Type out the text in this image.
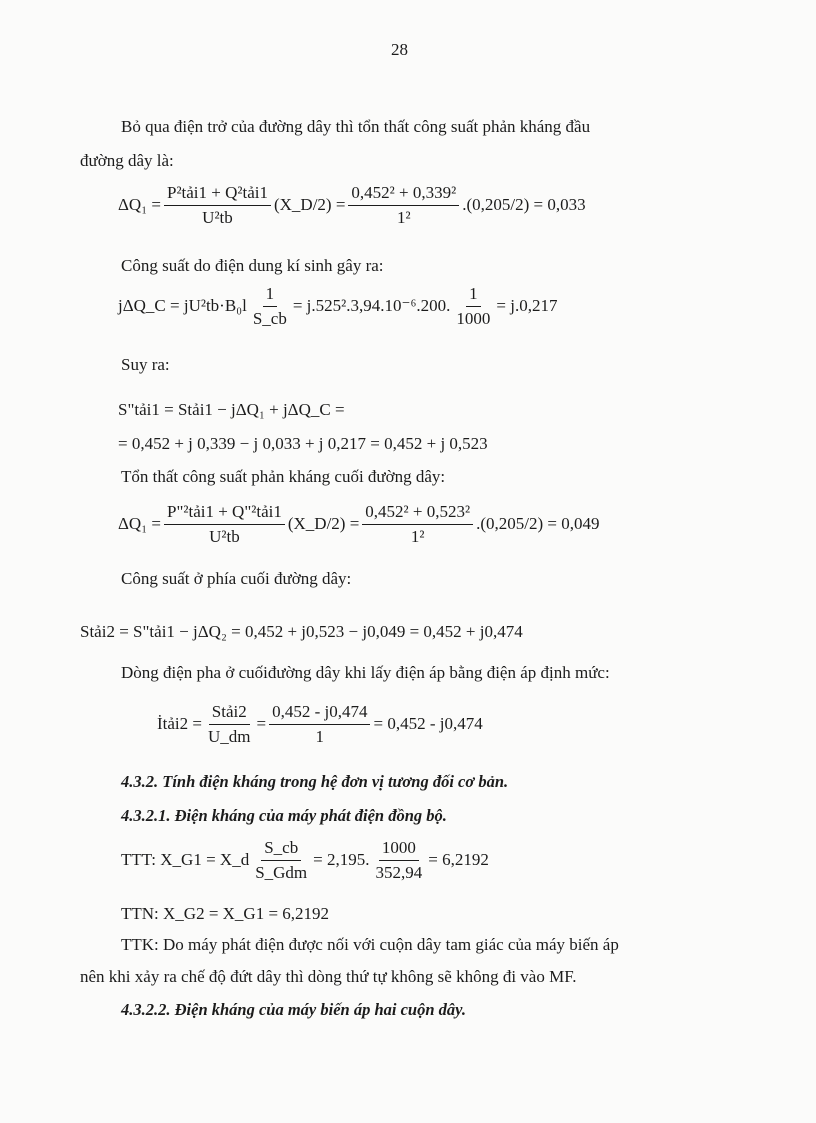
28
Bỏ qua điện trở của đường dây thì tổn thất công suất phản kháng đầu
đường dây là:
$\Delta Q_1 = \frac{\text{P²tải1 + Q²tải1}}{\text{U²tb}}$ (X_D/2) = $\frac{\text{0,452² + 0,339²}}{\text{1²}} .(0,205/2) = 0,033$
Công suất do điện dung kí sinh gây ra:
jΔQ_C = $jU^2tb\cdot B_0l \frac{1}{S\_cb} = j.525^2.3,94.10^{-6}.200$. $\frac{1}{1000} = j.0,217$
Suy ra:
S"tải1 = Stải1 − jΔQ₁ + jΔQ_C =
= 0,452 + j 0,339 − j 0,033 + j 0,217 = 0,452 + j 0,523
Tổn thất công suất phản kháng cuối đường dây:
$\Delta Q_1 = \frac{\text{P"²tải1 + Q"²tải1}}{\text{U²tb}}$ (X_D/2) = $\frac{\text{0,452² + 0,523²}}{\text{1²}} .(0,205/2) = 0,049$
Công suất ở phía cuối đường dây:
Stải2 = S"tải1 − jΔQ₂ = 0,452 + j0,523 − j0,049 = 0,452 + j0,474
Dòng điện pha ở cuốiđường dây khi lấy điện áp bằng điện áp định mức:
İtải2 = $\frac{\text{Stải2}}{U\_dm} = \frac{0,452 - j0,474}{1} = 0,452 - j0,474$
4.3.2. Tính điện kháng trong hệ đơn vị tương đối cơ bản.
4.3.2.1. Điện kháng của máy phát điện đồng bộ.
TTT: X_G1 = X_d $\frac{S\_cb}{\text{S\_Gdm}} = 2,195$. $\frac{1000}{352,94} = 6,2192$
TTN: X_G2 = X_G1 = 6,2192
TTK: Do máy phát điện được nối với cuộn dây tam giác của máy biến áp
nên khi xảy ra chế độ đứt dây thì dòng thứ tự không sẽ không đi vào MF.
4.3.2.2. Điện kháng của máy biến áp hai cuộn dây.
